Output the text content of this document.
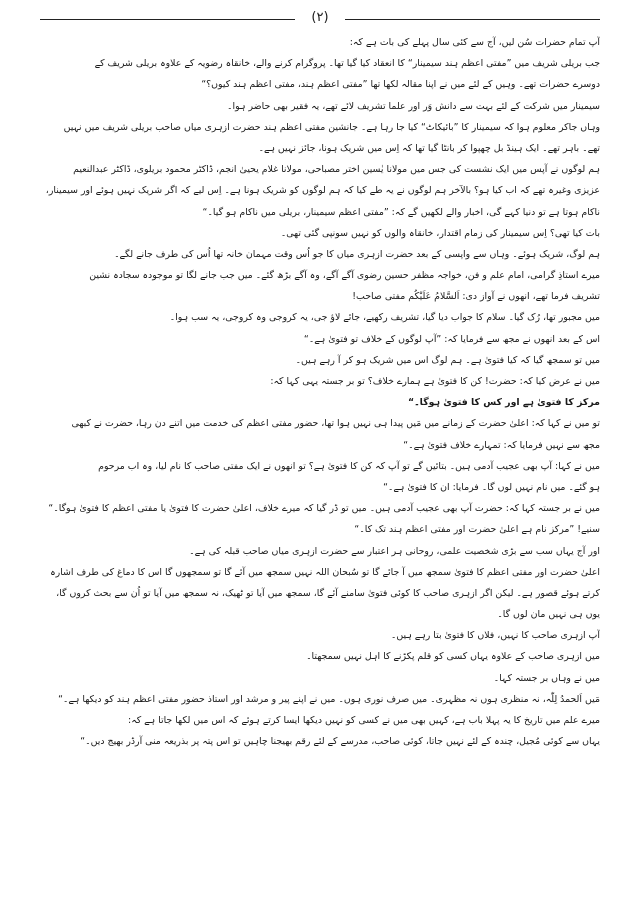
(۲)
آپ تمام حضرات سُن لیں، آج سے کئی سال پہلے کی بات ہے کہ:
جب بریلی شریف میں ”مفتی اعظم ہند سیمینار“ کا انعقاد کیا گیا تھا۔ پروگرام کرنے والے، خانقاہ رضویہ کے علاوہ بریلی شریف کے
دوسرے حضرات تھے۔ وہیں کے لئے میں نے اپنا مقالہ لکھا تھا ”مفتی اعظم ہند، مفتی اعظم ہند کیوں؟“
سیمینار میں شرکت کے لئے بہت سے دانش وَر اور علما تشریف لائے تھے، یہ فقیر بھی حاضر ہوا۔
وہاں جاکر معلوم ہوا کہ سیمینار کا ”بائیکاٹ“ کیا جا رہا ہے۔ جانشین مفتی اعظم ہند حضرت ازہری میاں صاحب بریلی شریف میں نہیں
تھے۔ باہر تھے۔ ایک ہینڈ بل چھپوا کر بانٹا گیا تھا کہ اِس میں شریک ہونا، جائز نہیں ہے۔
ہم لوگوں نے آپس میں ایک نشست کی جس میں مولانا یٰسین اختر مصباحی، مولانا غلام یحییٰ انجم، ڈاکٹر محمود بریلوی، ڈاکٹر عبدالنعیم
عزیزی وغیرہ تھے کہ اب کیا ہو؟ بالآخر ہم لوگوں نے یہ طے کیا کہ ہم لوگوں کو شریک ہونا ہے۔ اِس لیے کہ اگر شریک نہیں ہوئے اور سیمینار،
ناکام ہوتا ہے تو دنیا کہے گی، اخبار والے لکھیں گے کہ: ”مفتی اعظم سیمینار، بریلی میں ناکام ہو گیا۔“
بات کیا تھی؟ اِس سیمینار کی زمام اقتدار، خانقاہ والوں کو نہیں سونپی گئی تھی۔
ہم لوگ، شریک ہوئے۔ وہاں سے واپسی کے بعد حضرت ازہری میاں کا جو اُس وقت مہمان خانہ تھا اُس کی طرف جانے لگے۔
میرے استاذِ گرامی، امام علم و فن، خواجہ مظفر حسین رضوی آگے آگے، وہ آگے بڑھ گئے۔ میں جب جانے لگا تو موجودہ سجادہ نشین
تشریف فرما تھے، انھوں نے آواز دی: اَلسَّلامُ عَلَیْکُم مفتی صاحب!
میں مجبور تھا، رُک گیا۔ سلام کا جواب دیا گیا، تشریف رکھیے، جائے لاؤ جی، یہ کروجی وہ کروجی، یہ سب ہوا۔
اس کے بعد انھوں نے مجھ سے فرمایا کہ: ”آپ لوگوں کے خلاف تو فتویٰ ہے۔“
میں تو سمجھ گیا کہ کیا فتویٰ ہے۔ ہم لوگ اس میں شریک ہو کر آ رہے ہیں۔
میں نے عرض کیا کہ: حضرت! کن کا فتویٰ ہے ہمارے خلاف؟ تو بر جستہ یہی کہا کہ:
مرکز کا فتویٰ ہے اور کس کا فتویٰ ہوگا۔“
تو میں نے کہا کہ: اعلیٰ حضرت کے زمانے میں مَیں پیدا ہی نہیں ہوا تھا، حضور مفتی اعظم کی خدمت میں اتنے دن رہا، حضرت نے کبھی
مجھ سے نہیں فرمایا کہ: تمہارے خلاف فتویٰ ہے۔“
میں نے کہا: آپ بھی عجیب آدمی ہیں۔ بتائیں گے تو آپ کہ کن کا فتویٰ ہے؟ تو انھوں نے ایک مفتی صاحب کا نام لیا، وہ اب مرحوم
ہو گئے۔ میں نام نہیں لوں گا۔ فرمایا: ان کا فتویٰ ہے۔“
میں نے بر جستہ کہا کہ: حضرت آپ بھی عجیب آدمی ہیں۔ میں تو ڈر گیا کہ میرے خلاف، اعلیٰ حضرت کا فتویٰ یا مفتی اعظم کا فتویٰ ہوگا۔“
سنیے! ”مرکز نام ہے اعلیٰ حضرت اور مفتی اعظم ہند تک کا۔“
اور آج یہاں سب سے بڑی شخصیت علمی، روحانی ہر اعتبار سے حضرت ازہری میاں صاحب قبلہ کی ہے۔
اعلیٰ حضرت اور مفتی اعظم کا فتویٰ سمجھ میں آ جائے گا تو سُبحان اللہ نہیں سمجھ میں آئے گا تو سمجھوں گا اس کا دماغ کی طرف اشارہ
کرتے ہوئے قصور ہے۔ لیکن اگر ازہری صاحب کا کوئی فتویٰ سامنے آئے گا، سمجھ میں آیا تو ٹھیک، نہ سمجھ میں آیا تو اُن سے بحث کروں گا،
یوں ہی نہیں مان لوں گا۔
آپ ازہری صاحب کا نہیں، فلاں کا فتویٰ بتا رہے ہیں۔
میں ازہری صاحب کے علاوہ یہاں کسی کو قلم پکڑنے کا اہل نہیں سمجھتا۔
میں نے وہاں بر جستہ کہا۔
مَیں اَلحمدُ لِلّٰہ، نہ منظری ہوں نہ مظہری۔ میں صرف نوری ہوں۔ میں نے اپنے پیر و مرشد اور استاذ حضور مفتی اعظم ہند کو دیکھا ہے۔“
میرے علم میں تاریخ کا یہ پہلا باب ہے، کہیں بھی میں نے کسی کو نہیں دیکھا ایسا کرتے ہوئے کہ اس میں لکھا جاتا ہے کہ:
یہاں سے کوئی مُجیل، چندہ کے لئے نہیں جاتا، کوئی صاحب، مدرسے کے لئے رقم بھیجنا چاہیں تو اس پتہ پر بذریعہ منی آرڈر بھیج دیں۔“
